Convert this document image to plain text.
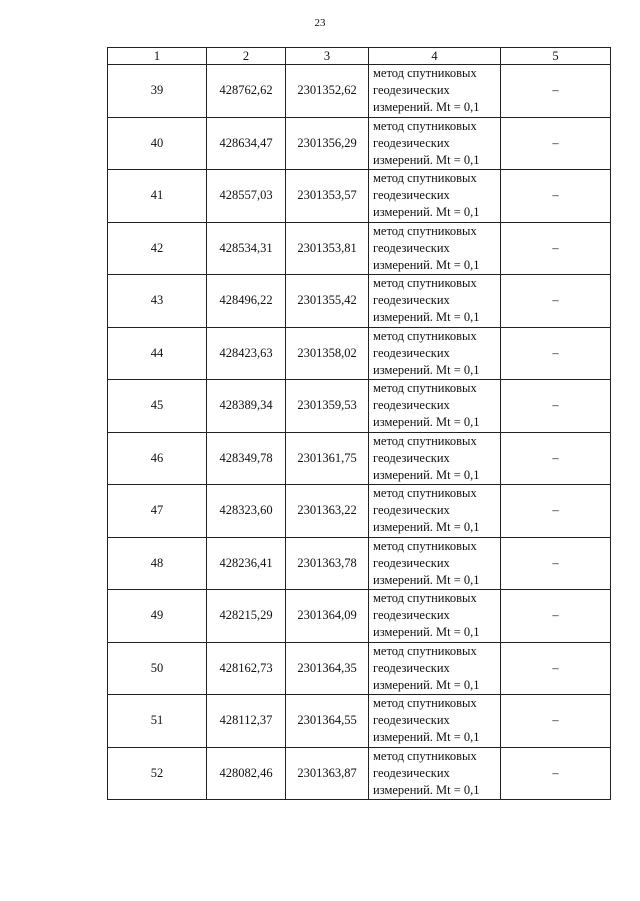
23
1	2	3	4	5
39	428762,62	2301352,62	метод спутниковых
геодезических
измерений. Mt = 0,1	–
40	428634,47	2301356,29	метод спутниковых
геодезических
измерений. Mt = 0,1	–
41	428557,03	2301353,57	метод спутниковых
геодезических
измерений. Mt = 0,1	–
42	428534,31	2301353,81	метод спутниковых
геодезических
измерений. Mt = 0,1	–
43	428496,22	2301355,42	метод спутниковых
геодезических
измерений. Mt = 0,1	–
44	428423,63	2301358,02	метод спутниковых
геодезических
измерений. Mt = 0,1	–
45	428389,34	2301359,53	метод спутниковых
геодезических
измерений. Mt = 0,1	–
46	428349,78	2301361,75	метод спутниковых
геодезических
измерений. Mt = 0,1	–
47	428323,60	2301363,22	метод спутниковых
геодезических
измерений. Mt = 0,1	–
48	428236,41	2301363,78	метод спутниковых
геодезических
измерений. Mt = 0,1	–
49	428215,29	2301364,09	метод спутниковых
геодезических
измерений. Mt = 0,1	–
50	428162,73	2301364,35	метод спутниковых
геодезических
измерений. Mt = 0,1	–
51	428112,37	2301364,55	метод спутниковых
геодезических
измерений. Mt = 0,1	–
52	428082,46	2301363,87	метод спутниковых
геодезических
измерений. Mt = 0,1	–
